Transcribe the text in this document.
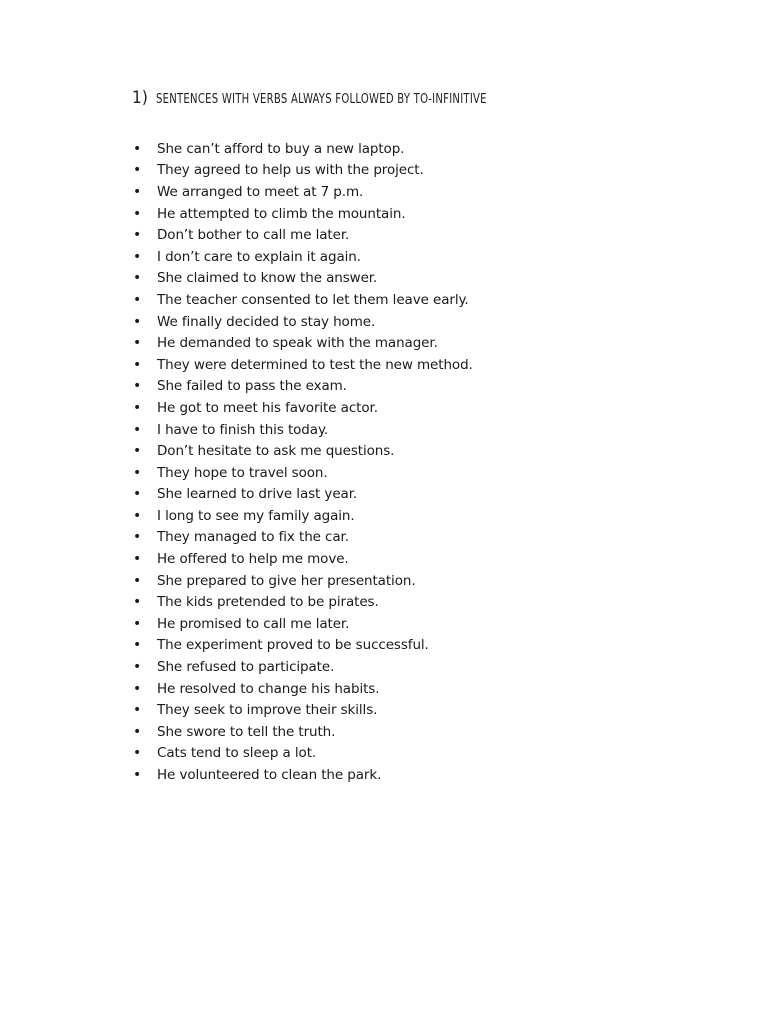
1) sentences with verbs always followed by to-infinitive
•	She can’t afford to buy a new laptop.
•	They agreed to help us with the project.
•	We arranged to meet at 7 p.m.
•	He attempted to climb the mountain.
•	Don’t bother to call me later.
•	I don’t care to explain it again.
•	She claimed to know the answer.
•	The teacher consented to let them leave early.
•	We finally decided to stay home.
•	He demanded to speak with the manager.
•	They were determined to test the new method.
•	She failed to pass the exam.
•	He got to meet his favorite actor.
•	I have to finish this today.
•	Don’t hesitate to ask me questions.
•	They hope to travel soon.
•	She learned to drive last year.
•	I long to see my family again.
•	They managed to fix the car.
•	He offered to help me move.
•	She prepared to give her presentation.
•	The kids pretended to be pirates.
•	He promised to call me later.
•	The experiment proved to be successful.
•	She refused to participate.
•	He resolved to change his habits.
•	They seek to improve their skills.
•	She swore to tell the truth.
•	Cats tend to sleep a lot.
•	He volunteered to clean the park.
